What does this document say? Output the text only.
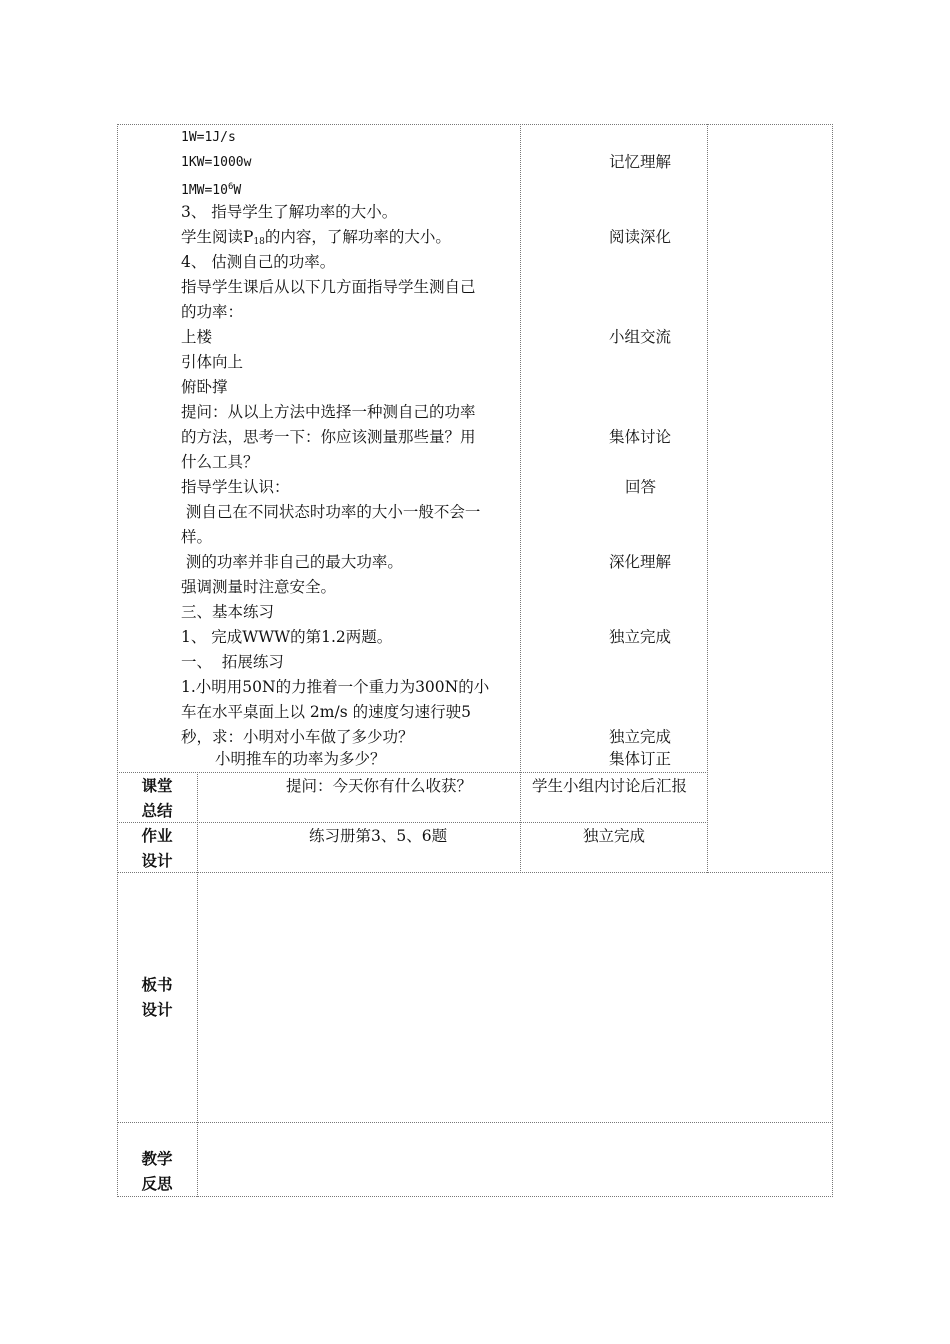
1W=1J/s
1KW=1000w
$1MW=10^6W$
3、 指导学生了解功率的大小。
学生阅读$P_{18}$的内容，了解功率的大小。
4、 估测自己的功率。
指导学生课后从以下几方面指导学生测自己
的功率：
上楼
引体向上
俯卧撑
提问：从以上方法中选择一种测自己的功率
的方法，思考一下：你应该测量那些量？用
什么工具？
指导学生认识：
测自己在不同状态时功率的大小一般不会一
样。
测的功率并非自己的最大功率。
强调测量时注意安全。
三、基本练习
1、 完成WWW的第1.2两题。
一、  拓展练习
1.小明用50N的力推着一个重力为300N的小
车在水平桌面上以 2m/s 的速度匀速行驶5
秒，求：小明对小车做了多少功？
小明推车的功率为多少？
记忆理解
阅读深化
小组交流
集体讨论
回答
深化理解
独立完成
独立完成
集体订正
课堂
总结
提问：今天你有什么收获？	学生小组内讨论后汇报
作业
设计
练习册第3、5、6题	独立完成
板书
设计
教学
反思
